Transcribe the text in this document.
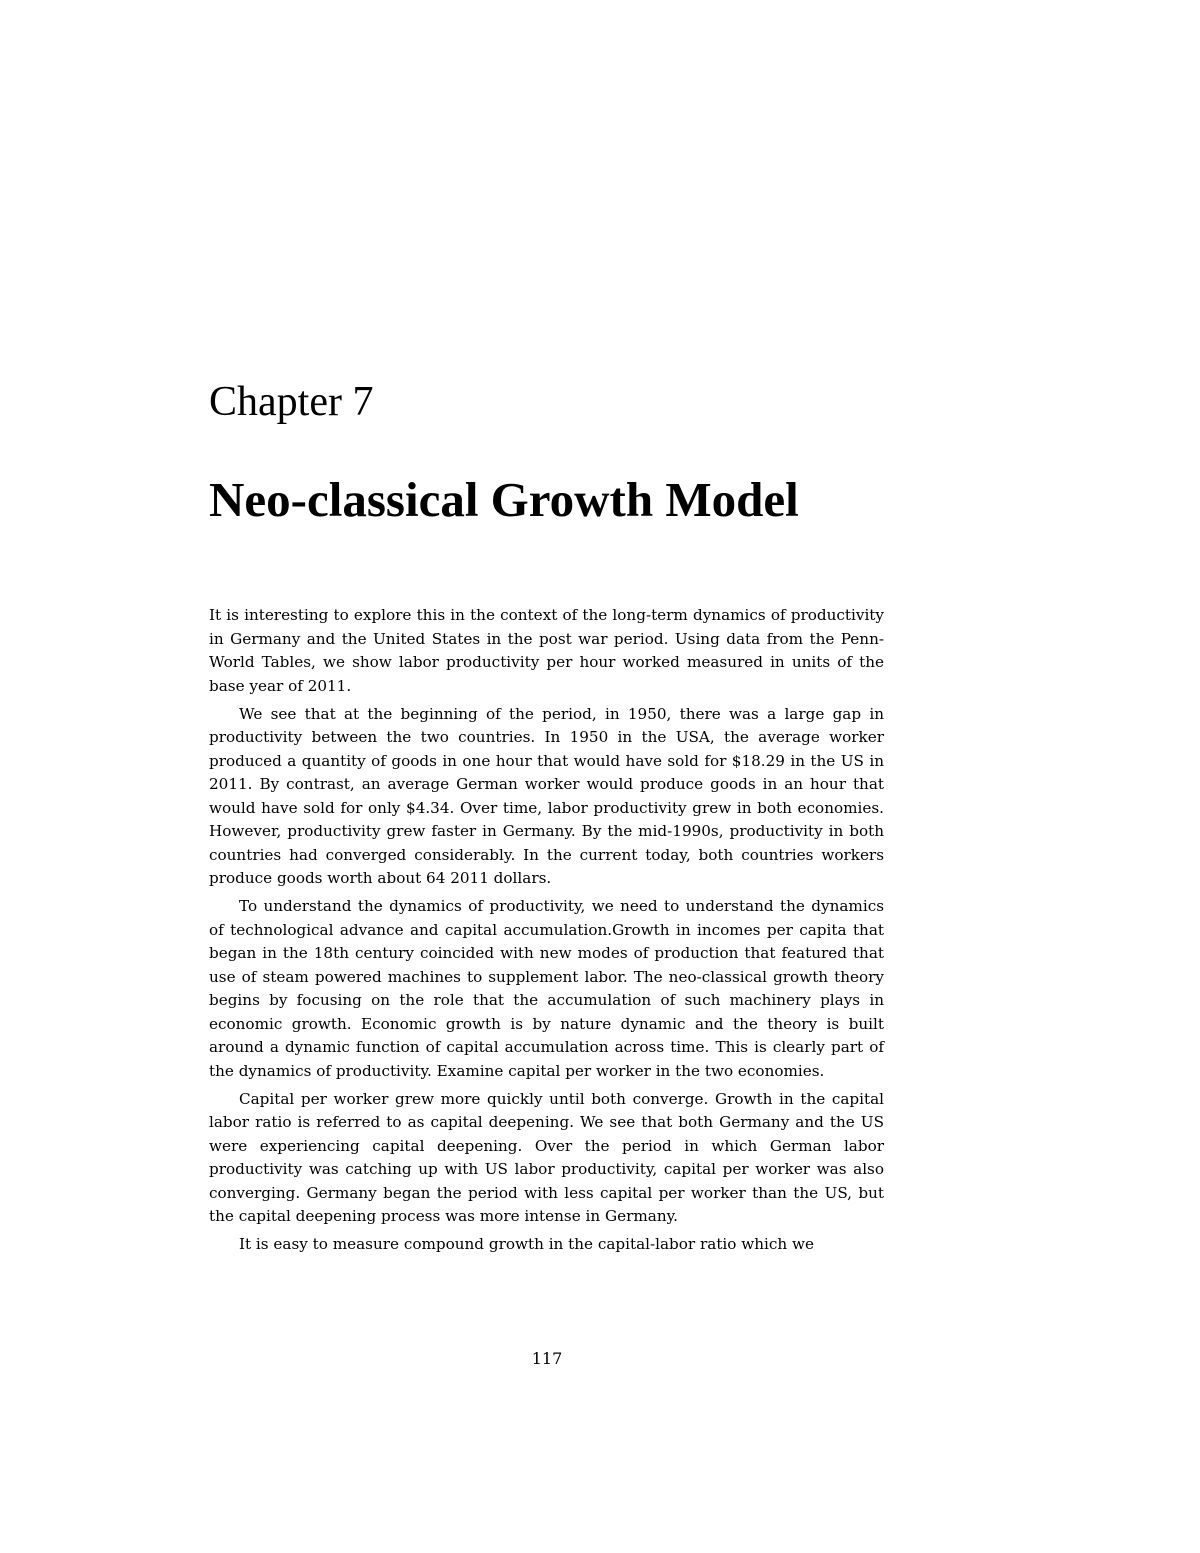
Chapter 7
Neo-classical Growth Model

It is interesting to explore this in the context of the long-term dynamics of productivity in Germany and the United States in the post war period. Using data from the Penn-World Tables, we show labor productivity per hour worked measured in units of the base year of 2011.

We see that at the beginning of the period, in 1950, there was a large gap in productivity between the two countries. In 1950 in the USA, the average worker produced a quantity of goods in one hour that would have sold for $18.29 in the US in 2011. By contrast, an average German worker would produce goods in an hour that would have sold for only $4.34. Over time, labor productivity grew in both economies. However, productivity grew faster in Germany. By the mid-1990s, productivity in both countries had converged considerably. In the current today, both countries workers produce goods worth about 64 2011 dollars.

To understand the dynamics of productivity, we need to understand the dynamics of technological advance and capital accumulation.Growth in incomes per capita that began in the 18th century coincided with new modes of production that featured that use of steam powered machines to supplement labor. The neo-classical growth theory begins by focusing on the role that the accumulation of such machinery plays in economic growth. Economic growth is by nature dynamic and the theory is built around a dynamic function of capital accumulation across time. This is clearly part of the dynamics of productivity. Examine capital per worker in the two economies.

Capital per worker grew more quickly until both converge. Growth in the capital labor ratio is referred to as capital deepening. We see that both Germany and the US were experiencing capital deepening. Over the period in which German labor productivity was catching up with US labor productivity, capital per worker was also converging. Germany began the period with less capital per worker than the US, but the capital deepening process was more intense in Germany.

It is easy to measure compound growth in the capital-labor ratio which we

117
